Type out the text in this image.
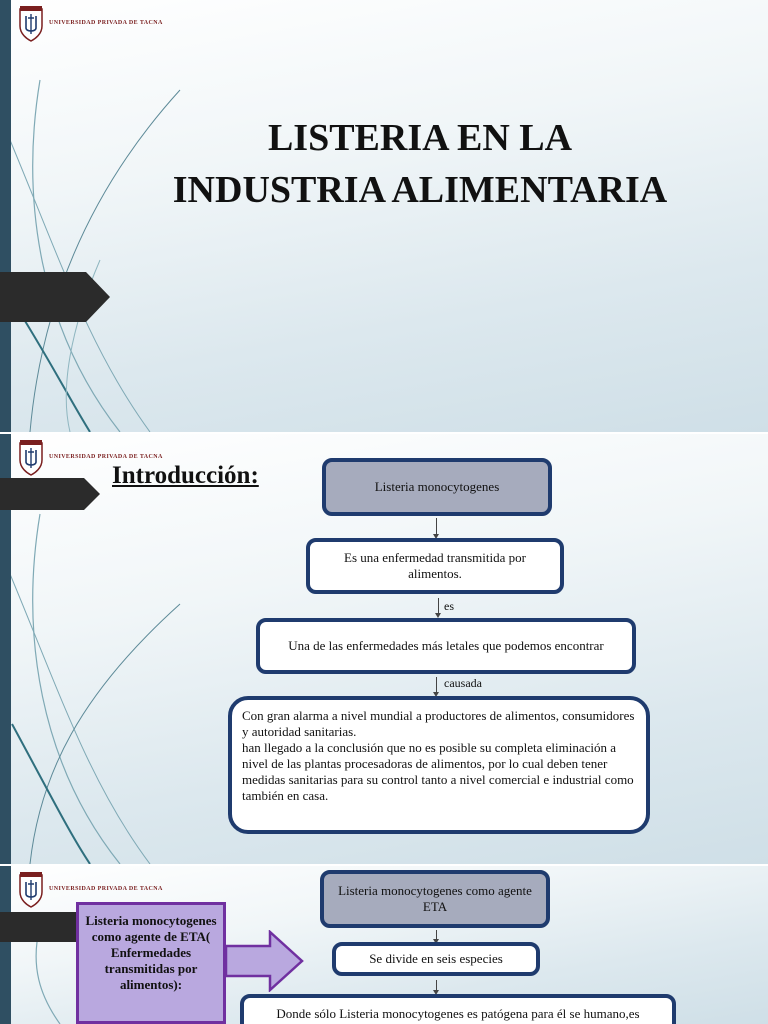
UNIVERSIDAD PRIVADA DE TACNA
LISTERIA EN LA
INDUSTRIA ALIMENTARIA
UNIVERSIDAD PRIVADA DE TACNA
Introducción:	Listeria monocytogenes
Es una enfermedad transmitida por alimentos.
es
Una de las enfermedades más letales que podemos encontrar
causada
Con gran alarma a nivel mundial a productores de alimentos, consumidores y autoridad sanitarias.
han llegado a la conclusión que no es posible su completa eliminación a nivel de las plantas procesadoras de alimentos, por lo cual deben tener medidas sanitarias para su control tanto a nivel comercial e industrial como también en casa.
UNIVERSIDAD PRIVADA DE TACNA
Listeria monocytogenes como agente de ETA( Enfermedades transmitidas por alimentos):
Listeria monocytogenes como agente ETA
Se divide en seis especies
Donde sólo Listeria monocytogenes es patógena para él se humano,es
